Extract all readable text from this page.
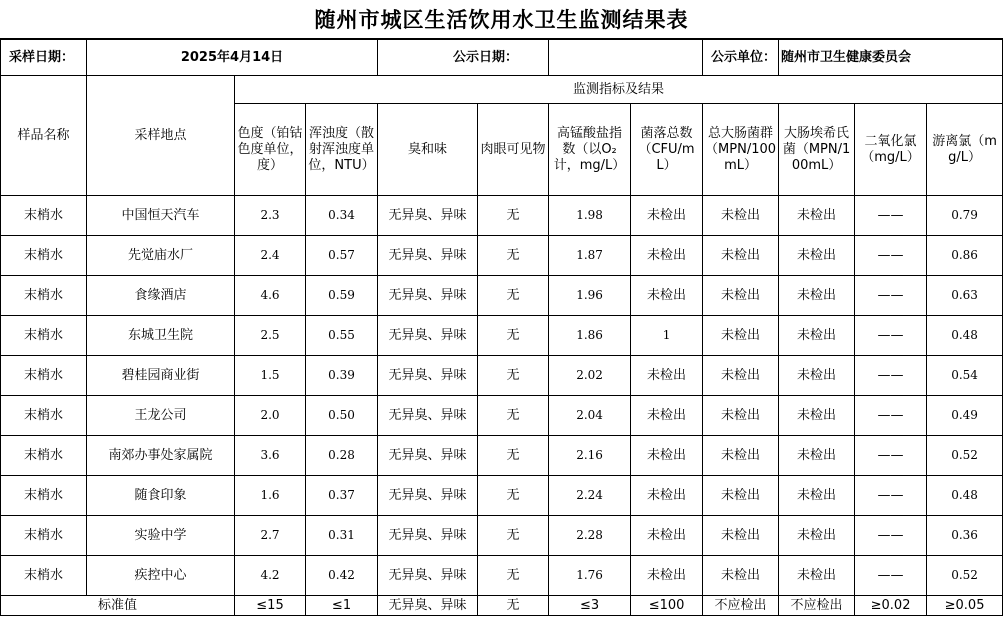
随州市城区生活饮用水卫生监测结果表
采样日期：	2025年4月14日			公示日期：				公示单位：	随州市卫生健康委员会		
样品名称	采样地点	监测指标及结果									
		色度（铂钴色度单位，度）	浑浊度（散射浑浊度单位，NTU）	臭和味	肉眼可见物	高锰酸盐指数（以O₂计，mg/L）	菌落总数（CFU/mL）	总大肠菌群（MPN/100mL）	大肠埃希氏菌（MPN/100mL）	二氧化氯（mg/L）	游离氯（mg/L）
末梢水	中国恒天汽车	2.3	0.34	无异臭、异味	无	1.98	未检出	未检出	未检出	——	0.79
末梢水	先觉庙水厂	2.4	0.57	无异臭、异味	无	1.87	未检出	未检出	未检出	——	0.86
末梢水	食缘酒店	4.6	0.59	无异臭、异味	无	1.96	未检出	未检出	未检出	——	0.63
末梢水	东城卫生院	2.5	0.55	无异臭、异味	无	1.86	1	未检出	未检出	——	0.48
末梢水	碧桂园商业街	1.5	0.39	无异臭、异味	无	2.02	未检出	未检出	未检出	——	0.54
末梢水	王龙公司	2.0	0.50	无异臭、异味	无	2.04	未检出	未检出	未检出	——	0.49
末梢水	南郊办事处家属院	3.6	0.28	无异臭、异味	无	2.16	未检出	未检出	未检出	——	0.52
末梢水	随食印象	1.6	0.37	无异臭、异味	无	2.24	未检出	未检出	未检出	——	0.48
末梢水	实验中学	2.7	0.31	无异臭、异味	无	2.28	未检出	未检出	未检出	——	0.36
末梢水	疾控中心	4.2	0.42	无异臭、异味	无	1.76	未检出	未检出	未检出	——	0.52
标准值		≤15	≤1	无异臭、异味	无	≤3	≤100	不应检出	不应检出	≥0.02	≥0.05
